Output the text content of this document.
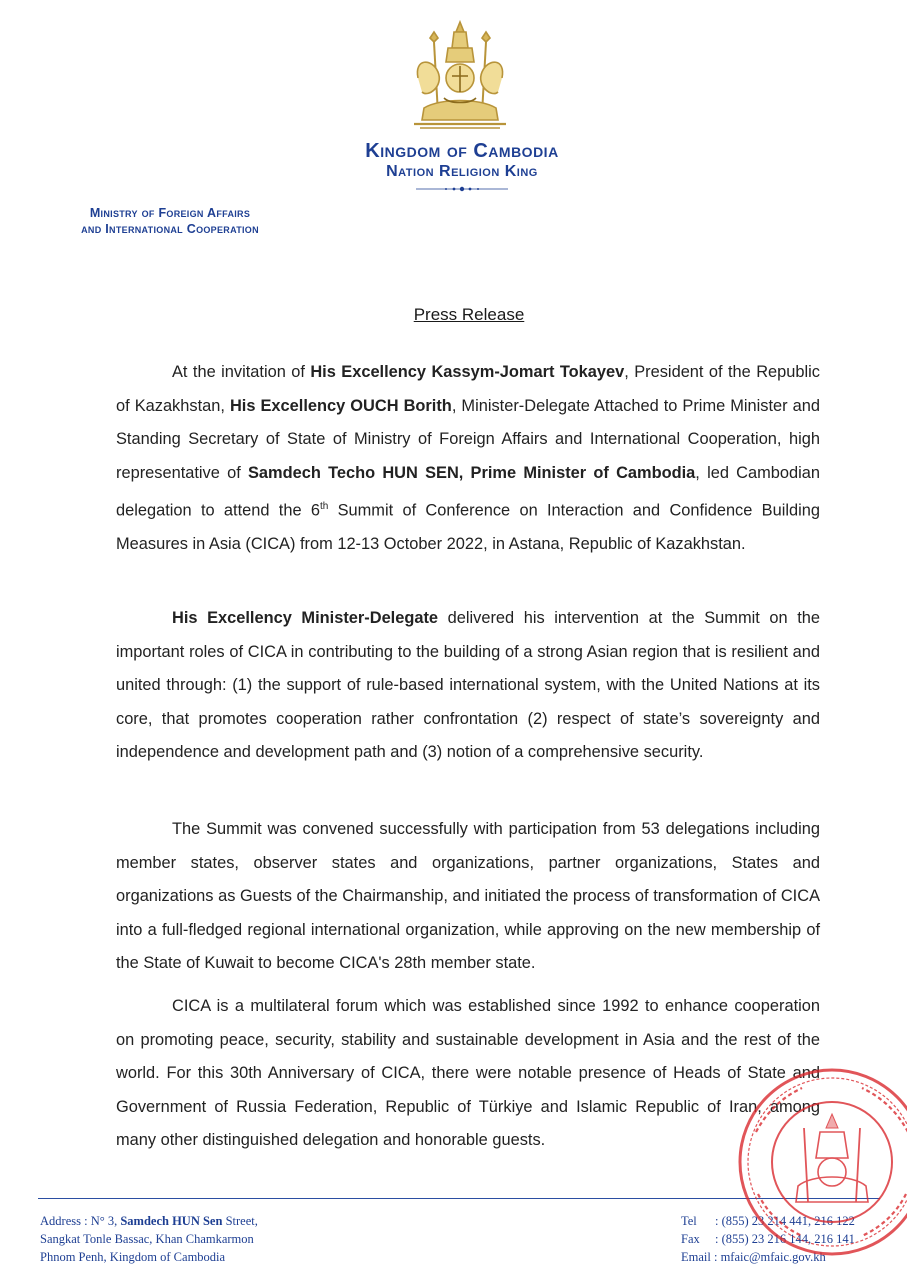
Kingdom of Cambodia
Nation Religion King
Ministry of Foreign Affairs
and International Cooperation
Press Release
At the invitation of His Excellency Kassym-Jomart Tokayev, President of the Republic of Kazakhstan, His Excellency OUCH Borith, Minister-Delegate Attached to Prime Minister and Standing Secretary of State of Ministry of Foreign Affairs and International Cooperation, high representative of Samdech Techo HUN SEN, Prime Minister of Cambodia, led Cambodian delegation to attend the 6th Summit of Conference on Interaction and Confidence Building Measures in Asia (CICA) from 12-13 October 2022, in Astana, Republic of Kazakhstan.
His Excellency Minister-Delegate delivered his intervention at the Summit on the important roles of CICA in contributing to the building of a strong Asian region that is resilient and united through: (1) the support of rule-based international system, with the United Nations at its core, that promotes cooperation rather confrontation (2) respect of state’s sovereignty and independence and development path and (3) notion of a comprehensive security.
The Summit was convened successfully with participation from 53 delegations including member states, observer states and organizations, partner organizations, States and organizations as Guests of the Chairmanship, and initiated the process of transformation of CICA into a full-fledged regional international organization, while approving on the new membership of the State of Kuwait to become CICA's 28th member state.
CICA is a multilateral forum which was established since 1992 to enhance cooperation on promoting peace, security, stability and sustainable development in Asia and the rest of the world. For this 30th Anniversary of CICA, there were notable presence of Heads of State and Government of Russia Federation, Republic of Türkiye and Islamic Republic of Iran, among many other distinguished delegation and honorable guests.
Address : N° 3, Samdech HUN Sen Street,
Sangkat Tonle Bassac, Khan Chamkarmon
Phnom Penh, Kingdom of Cambodia
Tel : (855) 23 214 441, 216 122
Fax : (855) 23 216 144, 216 141
Email : mfaic@mfaic.gov.kh
